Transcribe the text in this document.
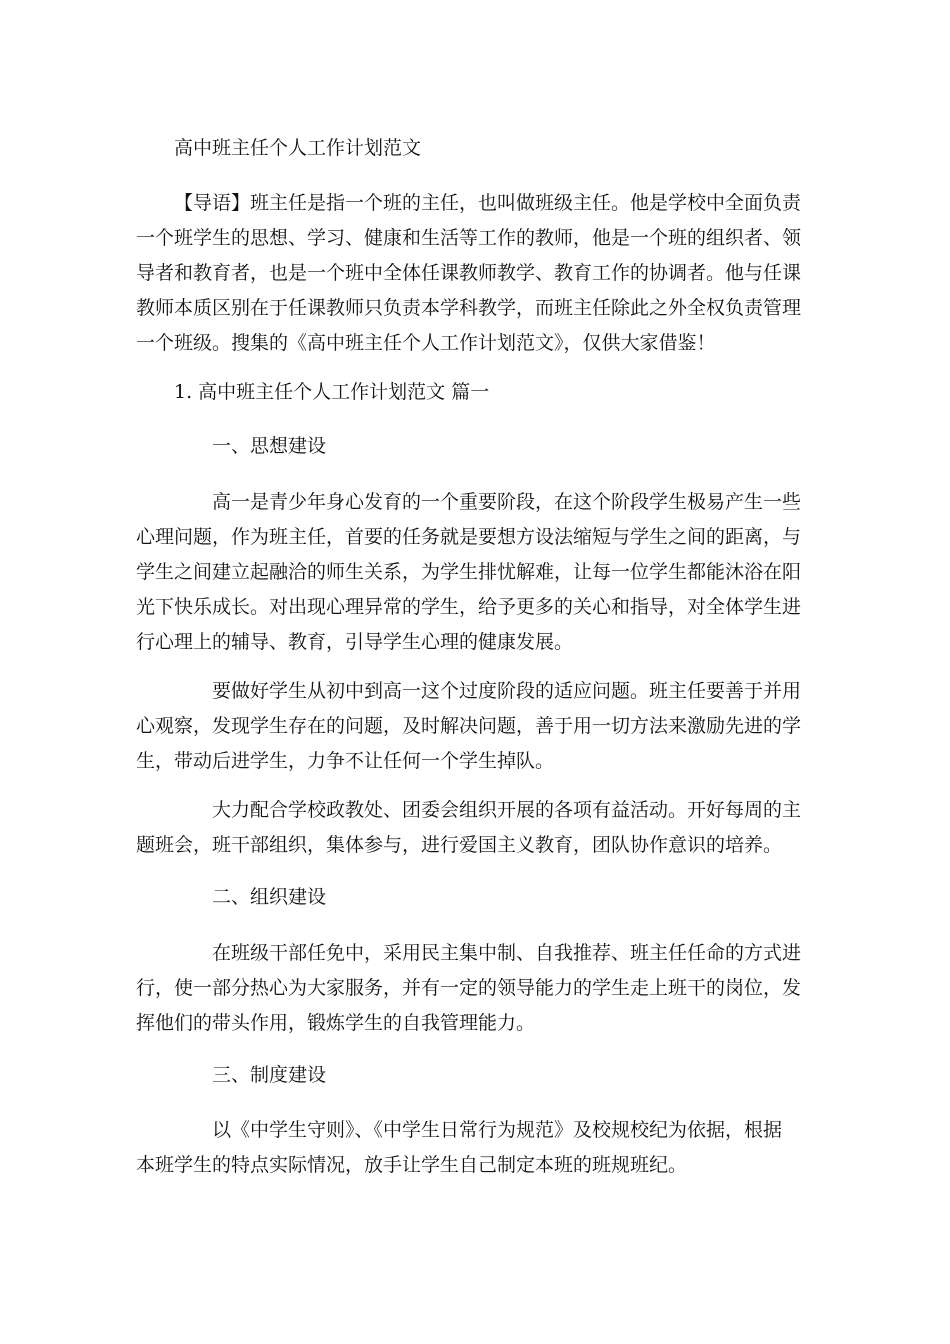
高中班主任个人工作计划范文
【导语】班主任是指一个班的主任，也叫做班级主任。他是学校中全面负责
一个班学生的思想、学习、健康和生活等工作的教师，他是一个班的组织者、领
导者和教育者，也是一个班中全体任课教师教学、教育工作的协调者。他与任课
教师本质区别在于任课教师只负责本学科教学，而班主任除此之外全权负责管理
一个班级。搜集的《高中班主任个人工作计划范文》，仅供大家借鉴！
1. 高中班主任个人工作计划范文 篇一
一、思想建设
高一是青少年身心发育的一个重要阶段，在这个阶段学生极易产生一些
心理问题，作为班主任，首要的任务就是要想方设法缩短与学生之间的距离，与
学生之间建立起融洽的师生关系，为学生排忧解难，让每一位学生都能沐浴在阳
光下快乐成长。对出现心理异常的学生，给予更多的关心和指导，对全体学生进
行心理上的辅导、教育，引导学生心理的健康发展。
要做好学生从初中到高一这个过度阶段的适应问题。班主任要善于并用
心观察，发现学生存在的问题，及时解决问题，善于用一切方法来激励先进的学
生，带动后进学生，力争不让任何一个学生掉队。
大力配合学校政教处、团委会组织开展的各项有益活动。开好每周的主
题班会，班干部组织，集体参与，进行爱国主义教育，团队协作意识的培养。
二、组织建设
在班级干部任免中，采用民主集中制、自我推荐、班主任任命的方式进
行，使一部分热心为大家服务，并有一定的领导能力的学生走上班干的岗位，发
挥他们的带头作用，锻炼学生的自我管理能力。
三、制度建设
以《中学生守则》、《中学生日常行为规范》及校规校纪为依据，根据
本班学生的特点实际情况，放手让学生自己制定本班的班规班纪。
